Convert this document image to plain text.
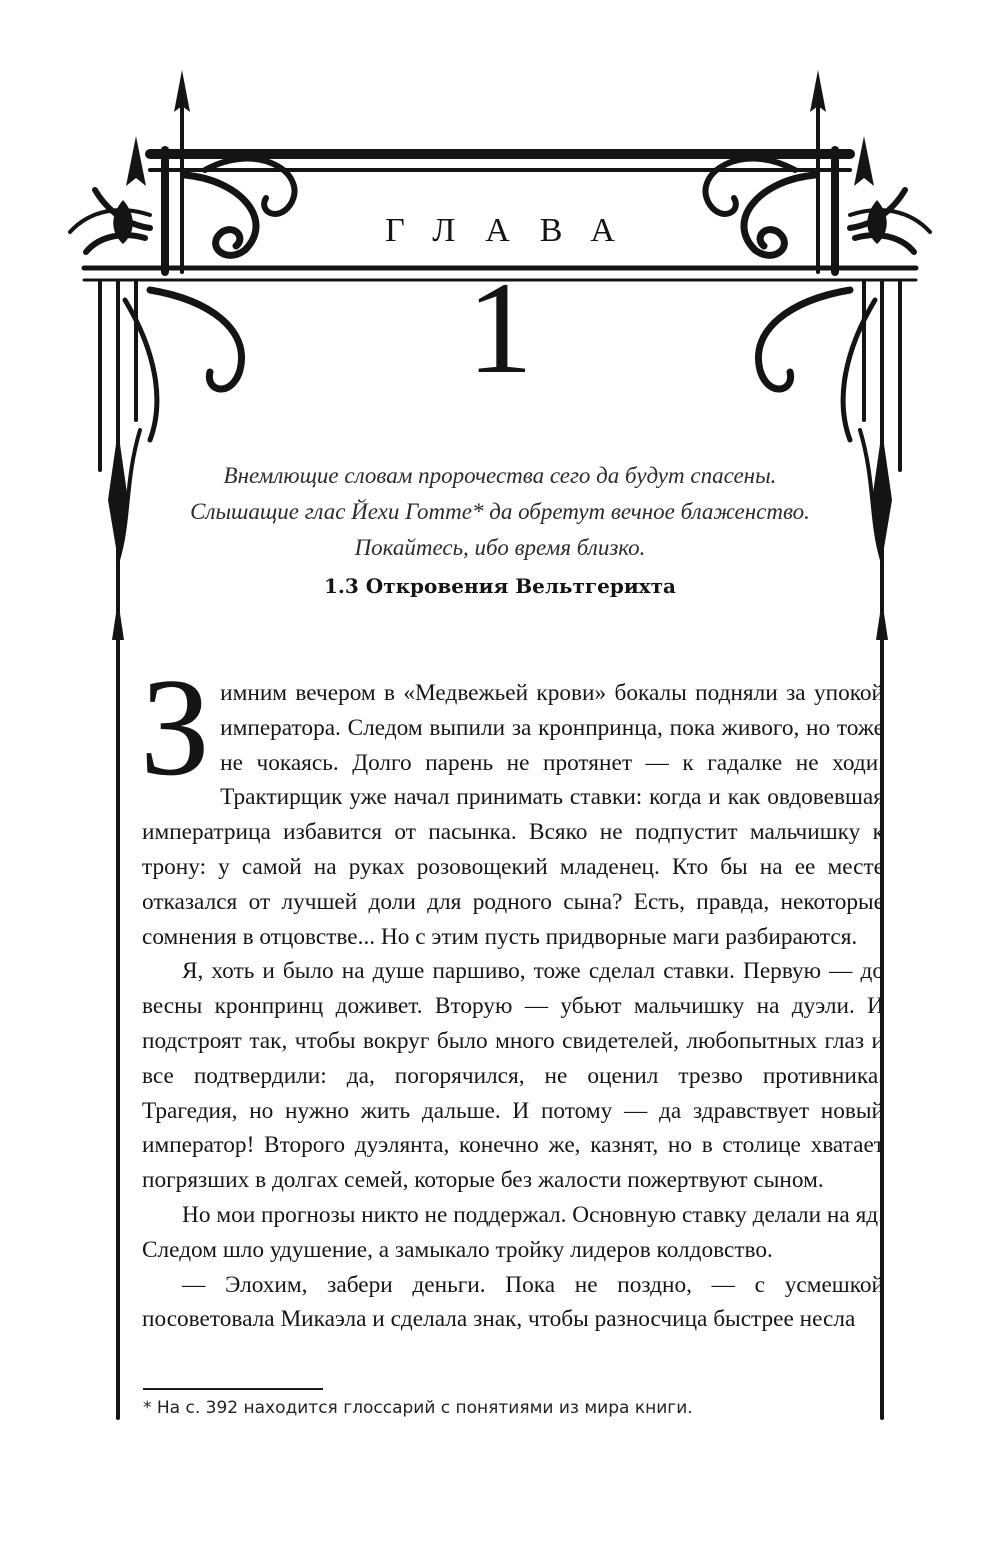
ГЛАВА
1
Внемлющие словам пророчества сего да будут спасены.
Слышащие глас Йехи Готте* да обретут вечное блаженство.
Покайтесь, ибо время близко.
1.3 Откровения Вельтгерихта

Зимним вечером в «Медвежьей крови» бокалы подняли за упокой императора. Следом выпили за кронпринца, пока живого, но тоже не чокаясь. Долго парень не протянет — к гадалке не ходи. Трактирщик уже начал принимать ставки: когда и как овдовевшая императрица избавится от пасынка. Всяко не подпустит мальчишку к трону: у самой на руках розовощекий младенец. Кто бы на ее месте отказался от лучшей доли для родного сына? Есть, правда, некоторые сомнения в отцовстве... Но с этим пусть придворные маги разбираются.

Я, хоть и было на душе паршиво, тоже сделал ставки. Первую — до весны кронпринц доживет. Вторую — убьют мальчишку на дуэли. И подстроят так, чтобы вокруг было много свидетелей, любопытных глаз и все подтвердили: да, погорячился, не оценил трезво противника. Трагедия, но нужно жить дальше. И потому — да здравствует новый император! Второго дуэлянта, конечно же, казнят, но в столице хватает погрязших в долгах семей, которые без жалости пожертвуют сыном.

Но мои прогнозы никто не поддержал. Основную ставку делали на яд. Следом шло удушение, а замыкало тройку лидеров колдовство.

— Элохим, забери деньги. Пока не поздно, — с усмешкой посоветовала Микаэла и сделала знак, чтобы разносчица быстрее несла

* На с. 392 находится глоссарий с понятиями из мира книги.
